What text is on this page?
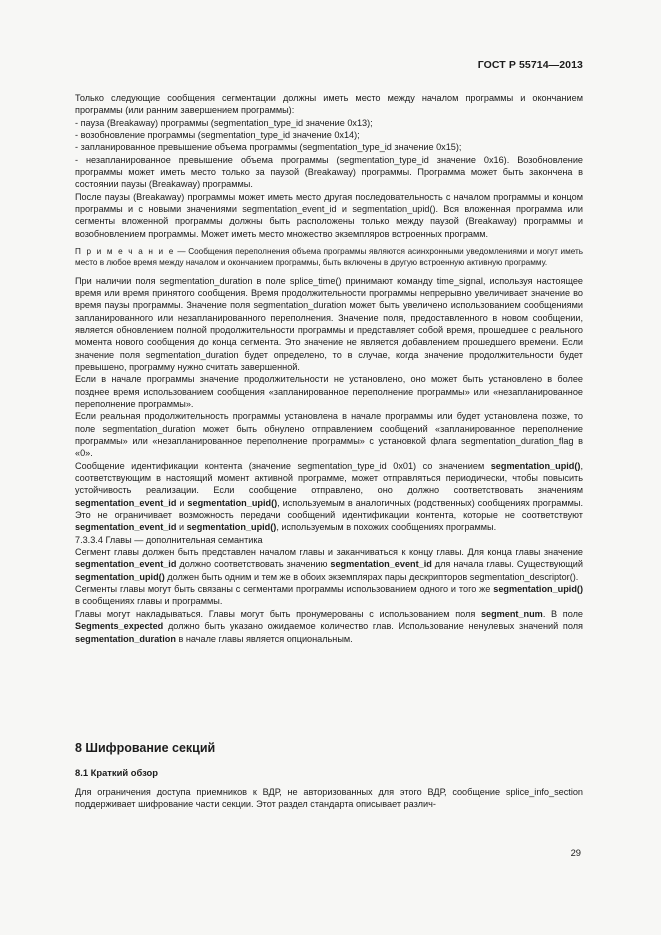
ГОСТ Р 55714—2013

Только следующие сообщения сегментации должны иметь место между началом программы и окончанием программы (или ранним завершением программы):

- пауза (Breakaway) программы (segmentation_type_id значение 0x13);

- возобновление программы (segmentation_type_id значение 0x14);

- запланированное превышение объема программы (segmentation_type_id значение 0x15);

- незапланированное превышение объема программы (segmentation_type_id значение 0x16). Возобновление программы может иметь место только за паузой (Breakaway) программы. Программа может быть закончена в состоянии паузы (Breakaway) программы.

После паузы (Breakaway) программы может иметь место другая последовательность с началом программы и концом программы и с новыми значениями segmentation_event_id и segmentation_upid(). Вся вложенная программа или сегменты вложенной программы должны быть расположены только между паузой (Breakaway) программы и возобновлением программы. Может иметь место множество экземпляров встроенных программ.

П р и м е ч а н и е — Сообщения переполнения объема программы являются асинхронными уведомлениями и могут иметь место в любое время между началом и окончанием программы, быть включены в другую встроенную активную программу.

При наличии поля segmentation_duration в поле splice_time() принимают команду time_signal, используя настоящее время или время принятого сообщения. Время продолжительности программы непрерывно увеличивает значение во время паузы программы. Значение поля segmentation_duration может быть увеличено использованием сообщениями запланированного или незапланированного переполнения. Значение поля, предоставленного в новом сообщении, является обновлением полной продолжительности программы и представляет собой время, прошедшее с реального момента нового сообщения до конца сегмента. Это значение не является добавлением прошедшего времени. Если значение поля segmentation_duration будет определено, то в случае, когда значение продолжительности будет превышено, программу нужно считать завершенной.

Если в начале программы значение продолжительности не установлено, оно может быть установлено в более позднее время использованием сообщения «запланированное переполнение программы» или «незапланированное переполнение программы».

Если реальная продолжительность программы установлена в начале программы или будет установлена позже, то поле segmentation_duration может быть обнулено отправлением сообщений «запланированное переполнение программы» или «незапланированное переполнение программы» с установкой флага segmentation_duration_flag в «0».

Сообщение идентификации контента (значение segmentation_type_id 0x01) со значением segmentation_upid(), соответствующим в настоящий момент активной программе, может отправляться периодически, чтобы повысить устойчивость реализации. Если сообщение отправлено, оно должно соответствовать значениям segmentation_event_id и segmentation_upid(), используемым в аналогичных (родственных) сообщениях программы. Это не ограничивает возможность передачи сообщений идентификации контента, которые не соответствуют segmentation_event_id и segmentation_upid(), используемым в похожих сообщениях программы.

7.3.3.4 Главы — дополнительная семантика

Сегмент главы должен быть представлен началом главы и заканчиваться к концу главы. Для конца главы значение segmentation_event_id должно соответствовать значению segmentation_event_id для начала главы. Существующий segmentation_upid() должен быть одним и тем же в обоих экземплярах пары дескрипторов segmentation_descriptor().

Сегменты главы могут быть связаны с сегментами программы использованием одного и того же segmentation_upid() в сообщениях главы и программы.

Главы могут накладываться. Главы могут быть пронумерованы с использованием поля segment_num. В поле Segments_expected должно быть указано ожидаемое количество глав. Использование ненулевых значений поля segmentation_duration в начале главы является опциональным.

8 Шифрование секций
8.1 Краткий обзор
Для ограничения доступа приемников к ВДР, не авторизованных для этого ВДР, сообщение splice_info_section поддерживает шифрование части секции. Этот раздел стандарта описывает различ-
29
